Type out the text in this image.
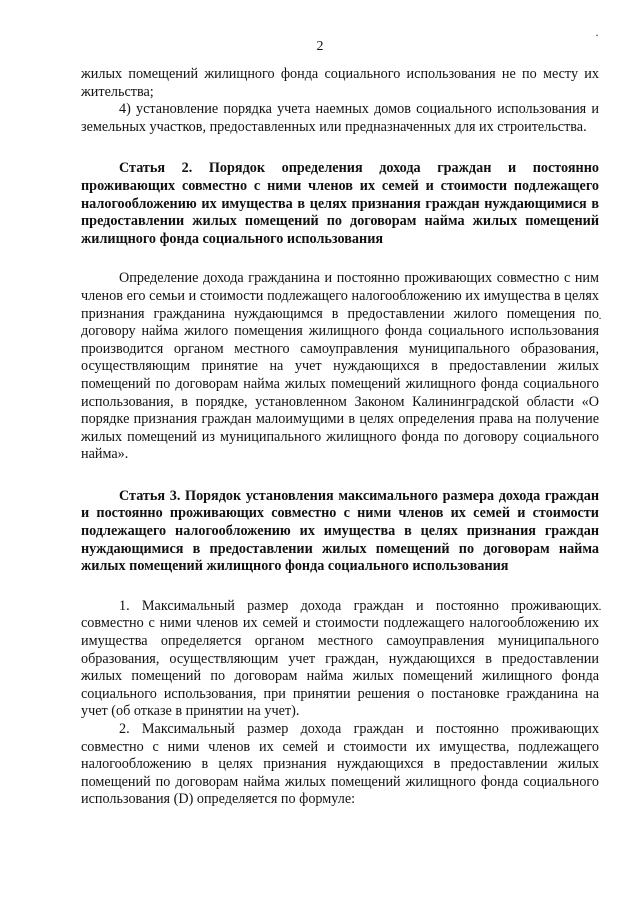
2
·
·
·

жилых помещений жилищного фонда социального использования не по месту их жительства;

4) установление порядка учета наемных домов социального использования и земельных участков, предоставленных или предназначенных для их строительства.

Статья 2. Порядок определения дохода граждан и постоянно проживающих совместно с ними членов их семей и стоимости подлежащего налогообложению их имущества в целях признания граждан нуждающимися в предоставлении жилых помещений по договорам найма жилых помещений жилищного фонда социального использования

Определение дохода гражданина и постоянно проживающих совместно с ним членов его семьи и стоимости подлежащего налогообложению их имущества в целях признания гражданина нуждающимся в предоставлении жилого помещения по договору найма жилого помещения жилищного фонда социального использования производится органом местного самоуправления муниципального образования, осуществляющим принятие на учет нуждающихся в предоставлении жилых помещений по договорам найма жилых помещений жилищного фонда социального использования, в порядке, установленном Законом Калининградской области «О порядке признания граждан малоимущими в целях определения права на получение жилых помещений из муниципального жилищного фонда по договору социального найма».

Статья 3. Порядок установления максимального размера дохода граждан и постоянно проживающих совместно с ними членов их семей и стоимости подлежащего налогообложению их имущества в целях признания граждан нуждающимися в предоставлении жилых помещений по договорам найма жилых помещений жилищного фонда социального использования

1. Максимальный размер дохода граждан и постоянно проживающих совместно с ними членов их семей и стоимости подлежащего налогообложению их имущества определяется органом местного самоуправления муниципального образования, осуществляющим учет граждан, нуждающихся в предоставлении жилых помещений по договорам найма жилых помещений жилищного фонда социального использования, при принятии решения о постановке гражданина на учет (об отказе в принятии на учет).

2. Максимальный размер дохода граждан и постоянно проживающих совместно с ними членов их семей и стоимости их имущества, подлежащего налогообложению в целях признания нуждающихся в предоставлении жилых помещений по договорам найма жилых помещений жилищного фонда социального использования (D) определяется по формуле:
